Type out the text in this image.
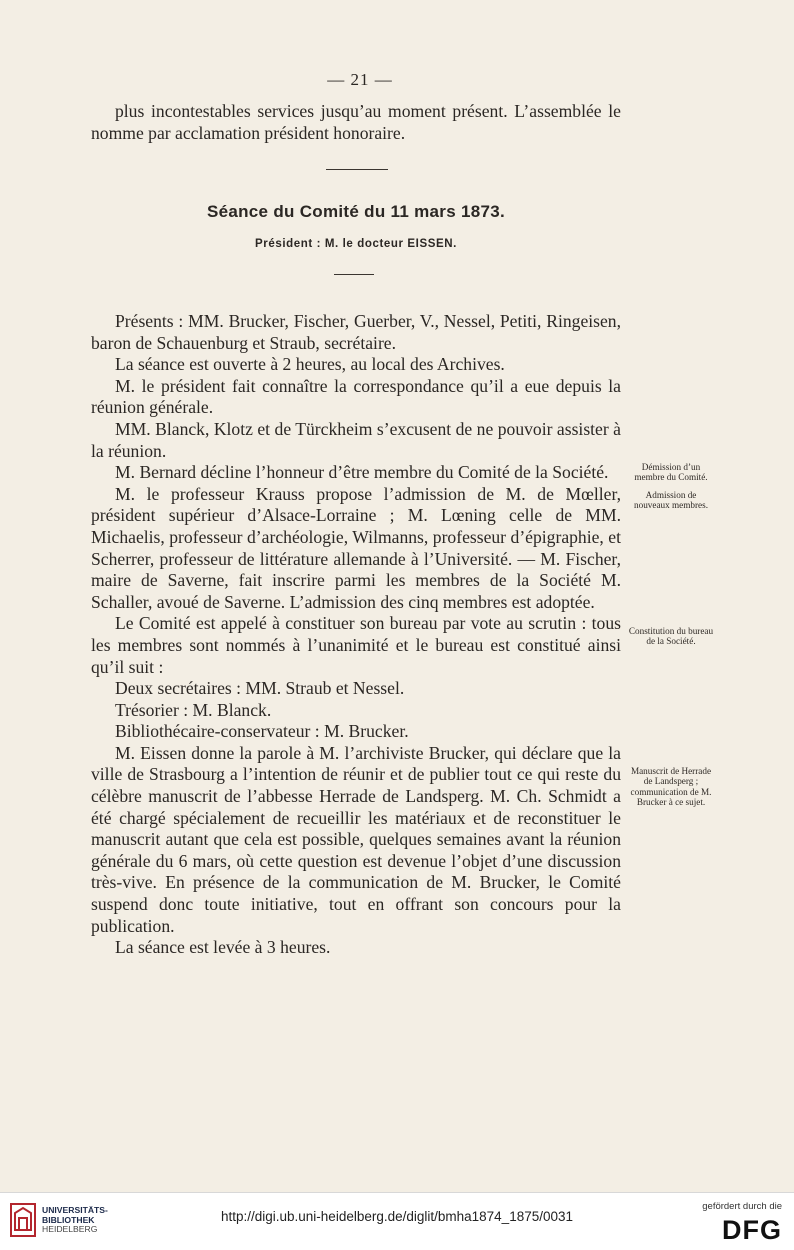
— 21 —

plus incontestables services jusqu’au moment présent. L’assemblée le nomme par acclamation président honoraire.

Séance du Comité du 11 mars 1873.
Président : M. le docteur EISSEN.

Présents : MM. Brucker, Fischer, Guerber, V., Nessel, Petiti, Ringeisen, baron de Schauenburg et Straub, secrétaire.

La séance est ouverte à 2 heures, au local des Archives.

M. le président fait connaître la correspondance qu’il a eue depuis la réunion générale.

MM. Blanck, Klotz et de Türckheim s’excusent de ne pouvoir assister à la réunion.

M. Bernard décline l’honneur d’être membre du Comité de la Société.

M. le professeur Krauss propose l’admission de M. de Mœller, président supérieur d’Alsace-Lorraine ; M. Lœning celle de MM. Michaelis, professeur d’archéologie, Wilmanns, professeur d’épigraphie, et Scherrer, professeur de littérature allemande à l’Université. — M. Fischer, maire de Saverne, fait inscrire parmi les membres de la Société M. Schaller, avoué de Saverne. L’admission des cinq membres est adoptée.

Le Comité est appelé à constituer son bureau par vote au scrutin : tous les membres sont nommés à l’unanimité et le bureau est constitué ainsi qu’il suit :

Deux secrétaires : MM. Straub et Nessel.

Trésorier : M. Blanck.

Bibliothécaire-conservateur : M. Brucker.

M. Eissen donne la parole à M. l’archiviste Brucker, qui déclare que la ville de Strasbourg a l’intention de réunir et de publier tout ce qui reste du célèbre manuscrit de l’abbesse Herrade de Landsperg. M. Ch. Schmidt a été chargé spécialement de recueillir les matériaux et de reconstituer le manuscrit autant que cela est possible, quelques semaines avant la réunion générale du 6 mars, où cette question est devenue l’objet d’une discussion très-vive. En présence de la communication de M. Brucker, le Comité suspend donc toute initiative, tout en offrant son concours pour la publication.

La séance est levée à 3 heures.

Démission d’un membre du Comité.
Admission de nouveaux membres.
Constitution du bureau de la Société.
Manuscrit de Herrade de Landsperg ; communication de M. Brucker à ce sujet.
UNIVERSITÄTS-
BIBLIOTHEK
HEIDELBERG
http://digi.ub.uni-heidelberg.de/diglit/bmha1874_1875/0031
gefördert durch die
DFG
